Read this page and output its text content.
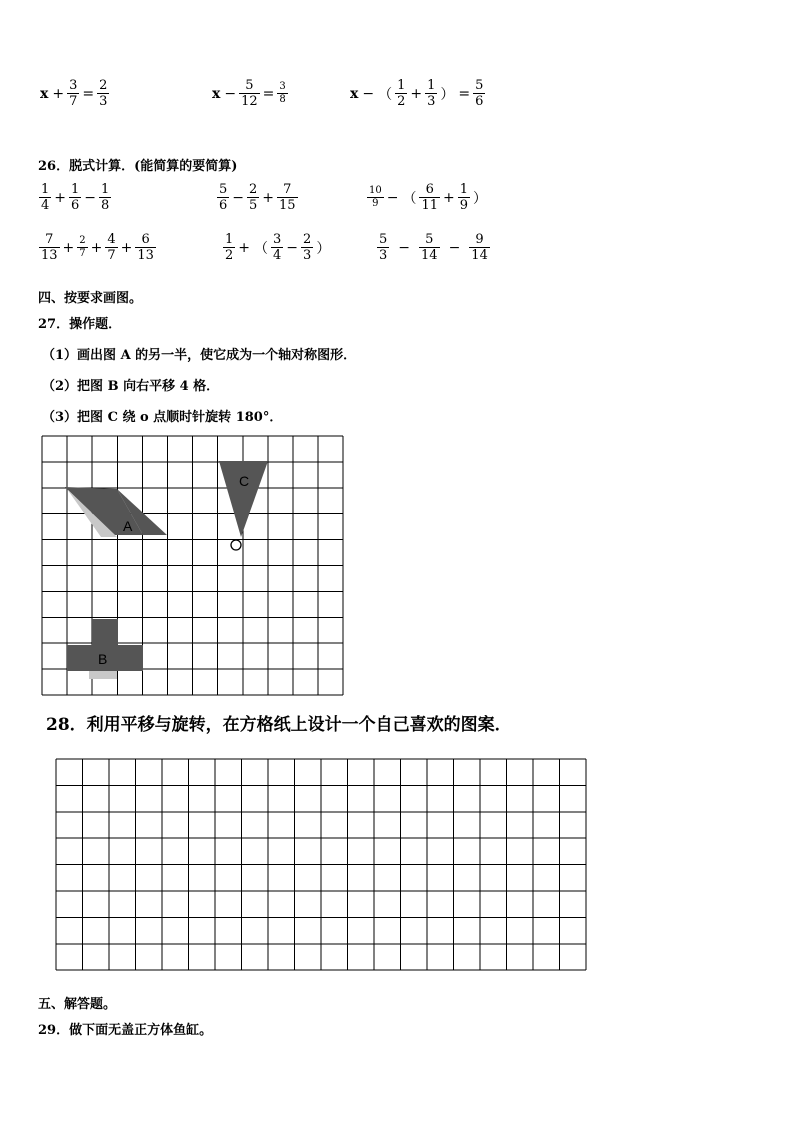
$x + \frac{3}{7} = \frac{2}{3}$	$x - \frac{5}{12} = \frac{3}{8}$	x − （ $\frac{1}{2} + \frac{1}{3}$ ） = $\frac{5}{6}$
26．脱式计算．(能简算的要简算)
$\frac{1}{4} + \frac{1}{6} - \frac{1}{8}$	$\frac{5}{6} - \frac{2}{5} + \frac{7}{15}$	$\frac{10}{9}$ − （ $\frac{6}{11} + \frac{1}{9}$ ）
$\frac{7}{13} + \frac{2}{7} + \frac{4}{7} + \frac{6}{13}$	$\frac{1}{2}$ + （ $\frac{3}{4} - \frac{2}{3}$ ）	$\frac{5}{3} - \frac{5}{14} - \frac{9}{14}$
四、按要求画图。
27．操作题．
（1）画出图 A 的另一半，使它成为一个轴对称图形．
（2）把图 B 向右平移 4 格．
（3）把图 C 绕 o 点顺时针旋转 180°．
A
C
B
28．利用平移与旋转，在方格纸上设计一个自己喜欢的图案．
五、解答题。
29．做下面无盖正方体鱼缸。
